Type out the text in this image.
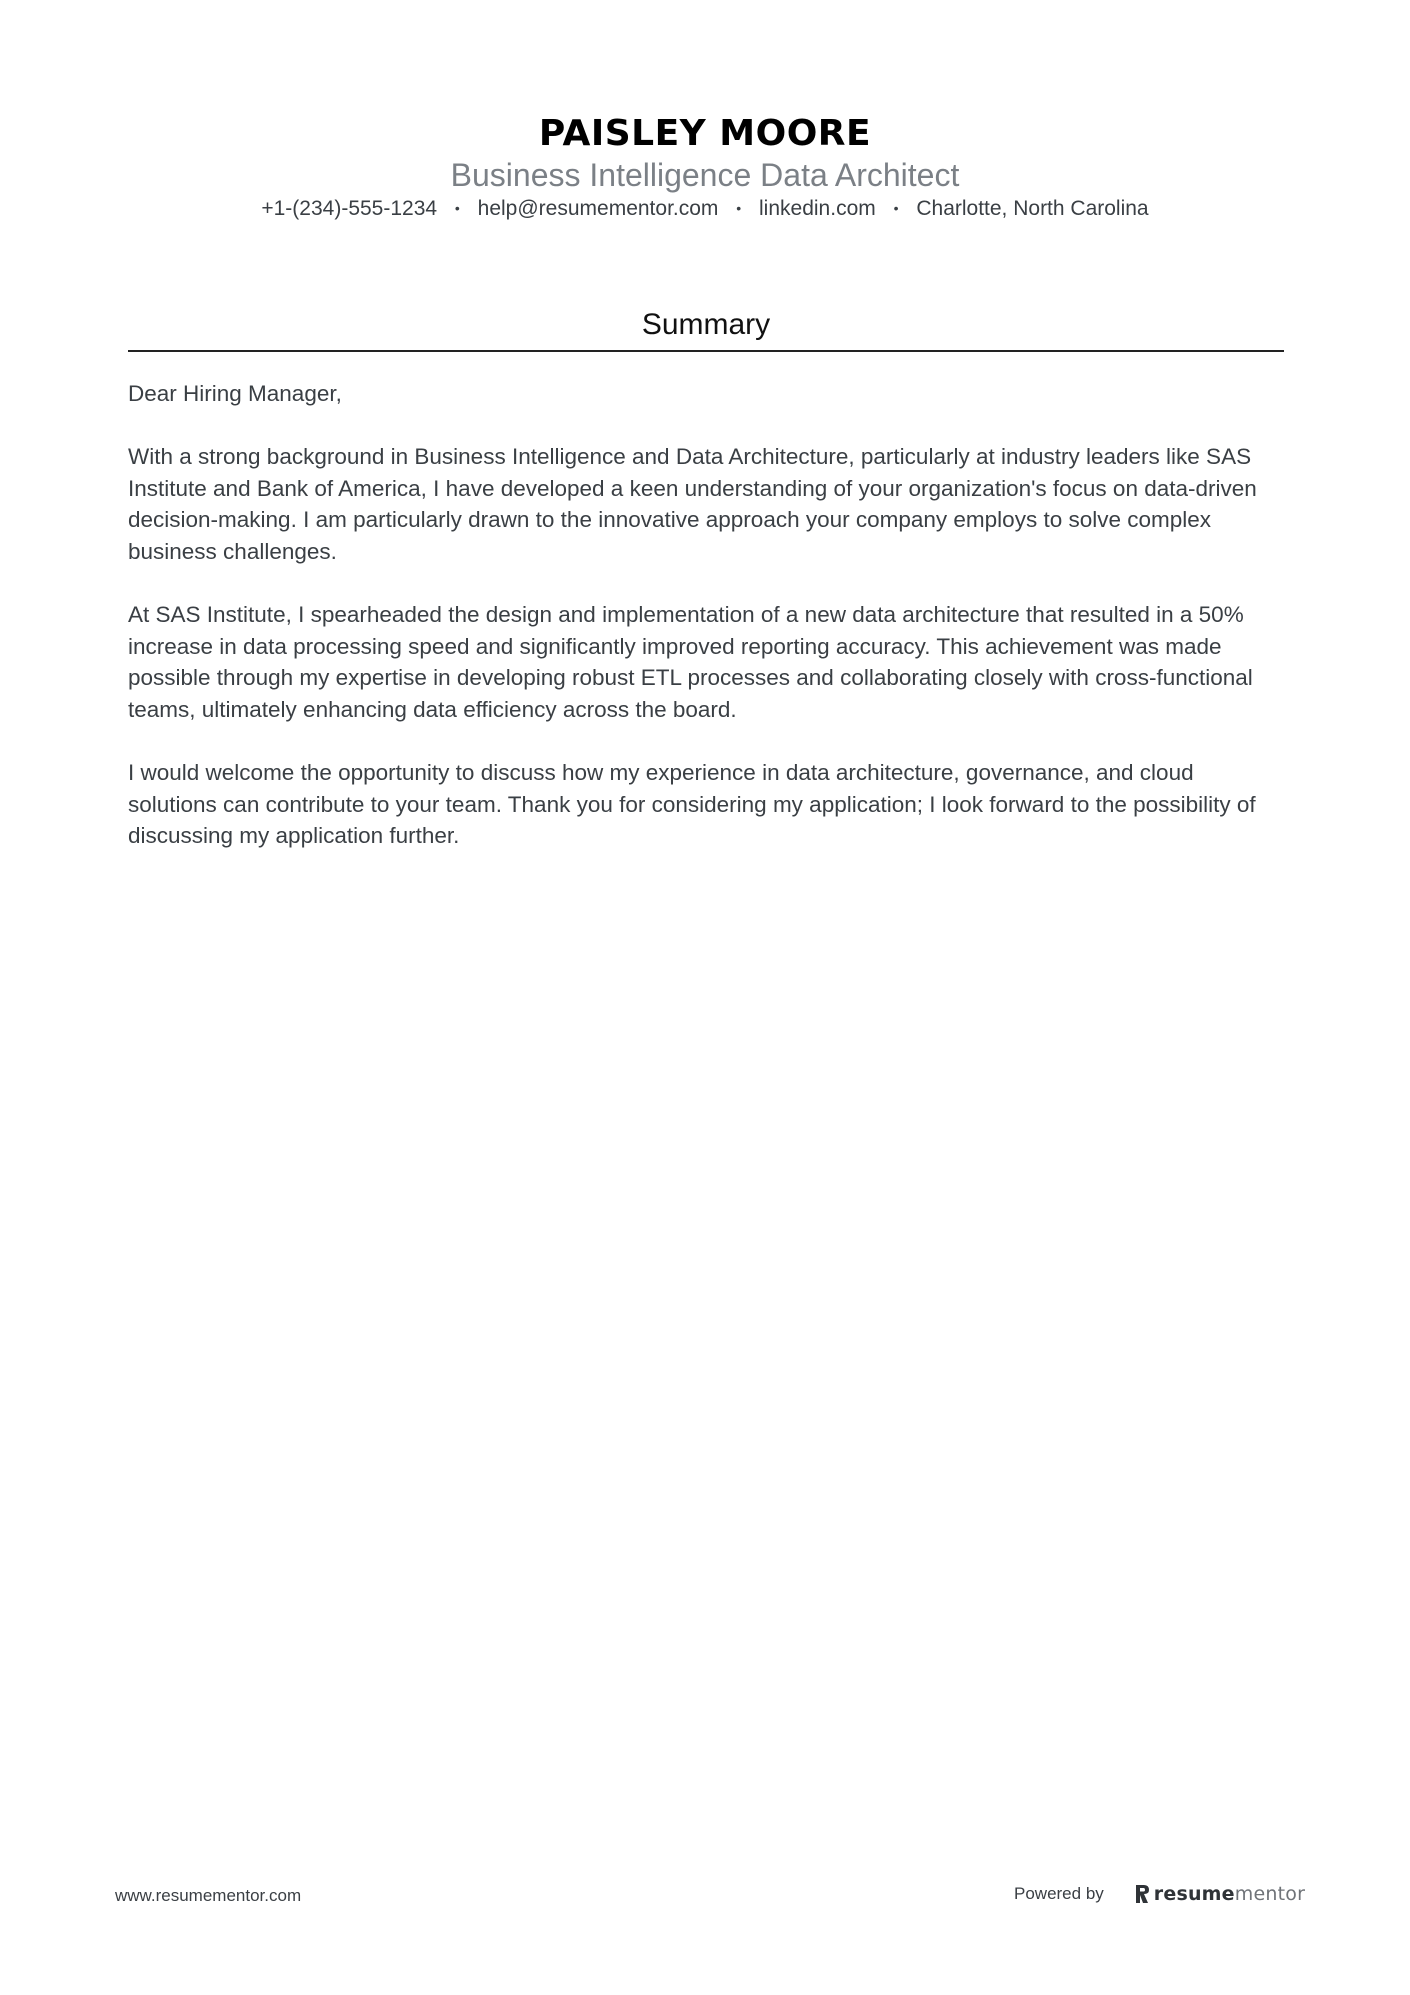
PAISLEY MOORE
Business Intelligence Data Architect
+1-(234)-555-1234 • help@resumementor.com • linkedin.com • Charlotte, North Carolina
Summary

Dear Hiring Manager,

With a strong background in Business Intelligence and Data Architecture, particularly at industry leaders like SAS Institute and Bank of America, I have developed a keen understanding of your organization's focus on data-driven decision-making. I am particularly drawn to the innovative approach your company employs to solve complex business challenges.

At SAS Institute, I spearheaded the design and implementation of a new data architecture that resulted in a 50% increase in data processing speed and significantly improved reporting accuracy. This achievement was made possible through my expertise in developing robust ETL processes and collaborating closely with cross-functional teams, ultimately enhancing data efficiency across the board.

I would welcome the opportunity to discuss how my experience in data architecture, governance, and cloud solutions can contribute to your team. Thank you for considering my application; I look forward to the possibility of discussing my application further.

www.resumementor.com	Powered by	resumementor
